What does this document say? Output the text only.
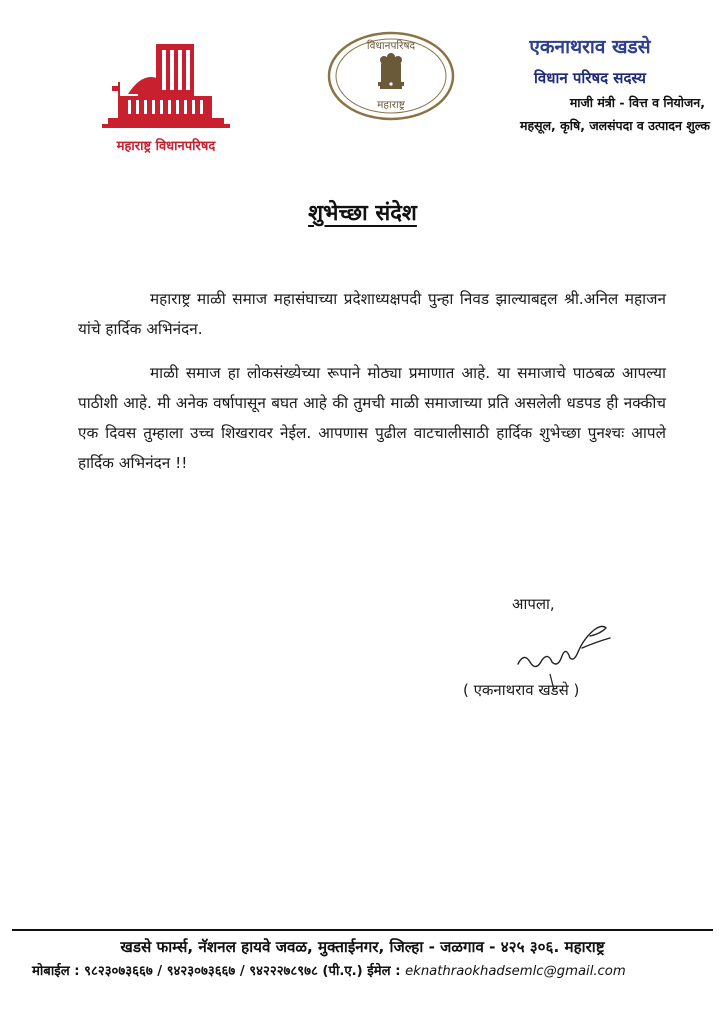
महाराष्ट्र विधानपरिषद
विधानपरिषद
महाराष्ट्र
एकनाथराव खडसे
विधान परिषद सदस्य
माजी मंत्री - वित्त व नियोजन,
महसूल, कृषि, जलसंपदा व उत्पादन शुल्क
शुभेच्छा संदेश
महाराष्ट्र माळी समाज महासंघाच्या प्रदेशाध्यक्षपदी पुन्हा निवड झाल्याबद्दल श्री.अनिल महाजन यांचे हार्दिक अभिनंदन.
माळी समाज हा लोकसंख्येच्या रूपाने मोठ्या प्रमाणात आहे. या समाजाचे पाठबळ आपल्या पाठीशी आहे. मी अनेक वर्षापासून बघत आहे की तुमची माळी समाजाच्या प्रति असलेली धडपड ही नक्कीच एक दिवस तुम्हाला उच्च शिखरावर नेईल. आपणास पुढील वाटचालीसाठी हार्दिक शुभेच्छा पुनश्चः आपले हार्दिक अभिनंदन !!
आपला,
( एकनाथराव खडसे )
खडसे फार्म्स, नॅशनल हायवे जवळ, मुक्ताईनगर, जिल्हा - जळगाव - ४२५ ३०६. महाराष्ट्र
मोबाईल : ९८२३०७३६६७ / ९४२३०७३६६७ / ९४२२२७८९७८ (पी.ए.) ईमेल : eknathraokhadsemlc@gmail.com
